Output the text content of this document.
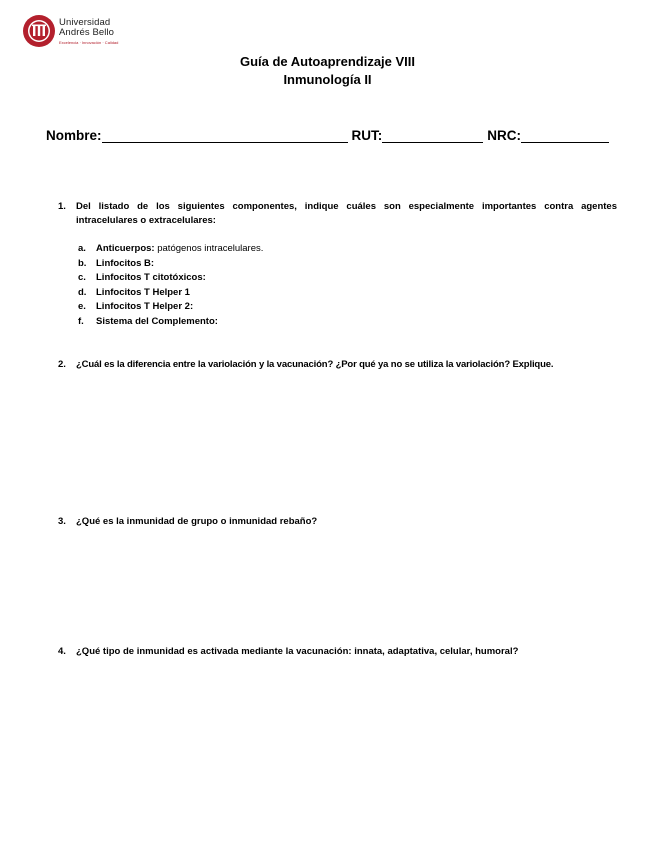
Universidad
Andrés Bello
Excelencia · Innovación · Calidad
Guía de Autoaprendizaje VIII
Inmunología II
Nombre:	RUT:	NRC:
1. Del listado de los siguientes componentes, indique cuáles son especialmente importantes contra agentes intracelulares o extracelulares:
a. Anticuerpos: patógenos intracelulares.
b. Linfocitos B:
c. Linfocitos T citotóxicos:
d. Linfocitos T Helper 1
e. Linfocitos T Helper 2:
f. Sistema del Complemento:
2. ¿Cuál es la diferencia entre la variolación y la vacunación? ¿Por qué ya no se utiliza la variolación? Explique.
3. ¿Qué es la inmunidad de grupo o inmunidad rebaño?
4. ¿Qué tipo de inmunidad es activada mediante la vacunación: innata, adaptativa, celular, humoral?
